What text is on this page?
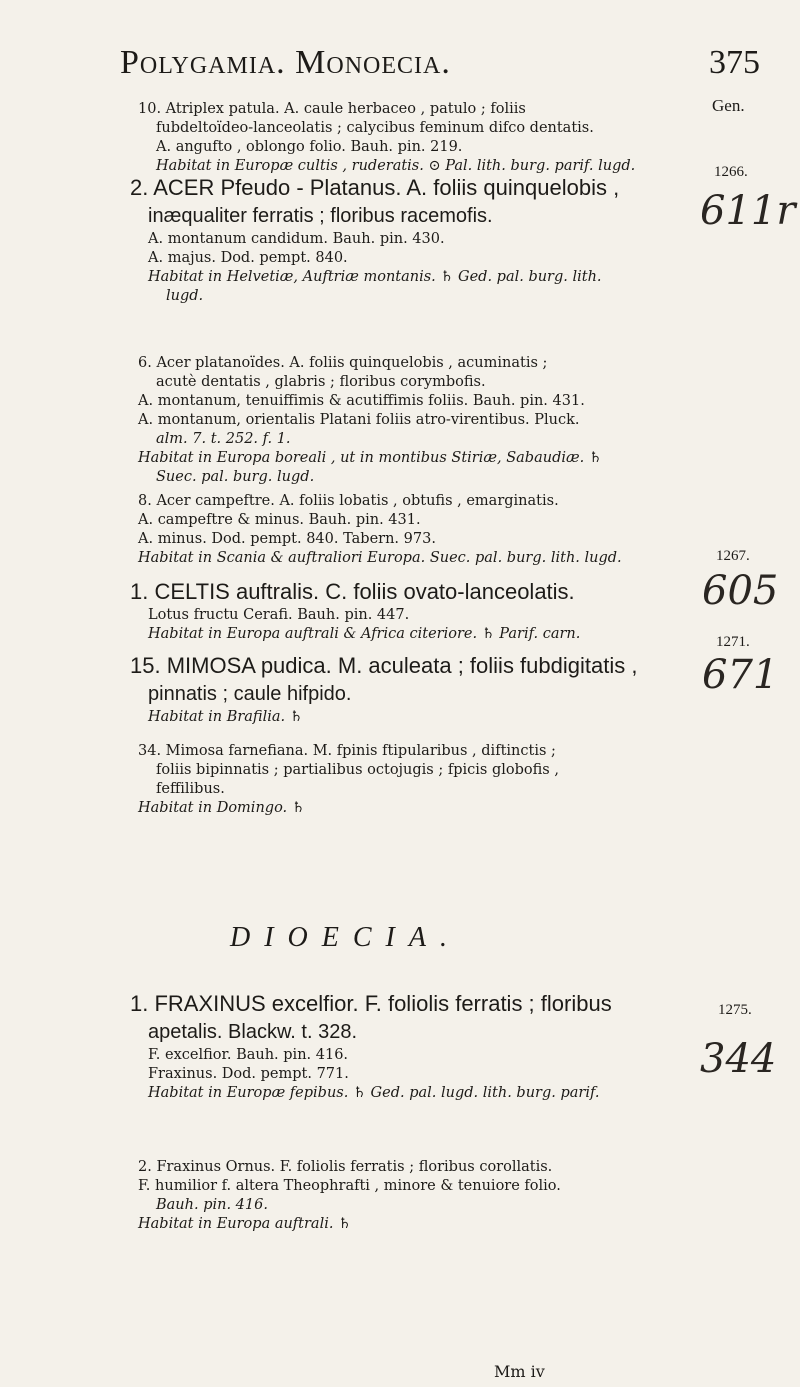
Polygamia. Monoecia.	375
Gen.
1266.
611r
1267.
605
1271.
671
1275.
344

10. Atriplex patula. A. caule herbaceo , patulo ; foliis

fubdeltoïdeo-lanceolatis ; calycibus feminum difco dentatis.

A. angufto , oblongo folio. Bauh. pin. 219.

Habitat in Europæ cultis , ruderatis. ⊙ Pal. lith. burg. parif. lugd.

2. ACER Pfeudo - Platanus. A. foliis quinquelobis ,

inæqualiter ferratis ; floribus racemofis.

A. montanum candidum. Bauh. pin. 430.

A. majus. Dod. pempt. 840.

Habitat in Helvetiæ, Auftriæ montanis. ♄ Ged. pal. burg. lith.

lugd.

6. Acer platanoïdes. A. foliis quinquelobis , acuminatis ;

acutè dentatis , glabris ; floribus corymbofis.

A. montanum, tenuiffimis & acutiffimis foliis. Bauh. pin. 431.

A. montanum, orientalis Platani foliis atro-virentibus. Pluck.

alm. 7. t. 252. f. 1.

Habitat in Europa boreali , ut in montibus Stiriæ, Sabaudiæ. ♄

Suec. pal. burg. lugd.

8. Acer campeftre. A. foliis lobatis , obtufis , emarginatis.

A. campeftre & minus. Bauh. pin. 431.

A. minus. Dod. pempt. 840. Tabern. 973.

Habitat in Scania & auftraliori Europa. Suec. pal. burg. lith. lugd.

1. CELTIS auftralis. C. foliis ovato-lanceolatis.

Lotus fructu Cerafi. Bauh. pin. 447.

Habitat in Europa auftrali & Africa citeriore. ♄ Parif. carn.

15. MIMOSA pudica. M. aculeata ; foliis fubdigitatis ,

pinnatis ; caule hifpido.

Habitat in Brafilia. ♄

34. Mimosa farnefiana. M. fpinis ftipularibus , diftinctis ;

foliis bipinnatis ; partialibus octojugis ; fpicis globofis ,

feffilibus.

Habitat in Domingo. ♄

DIOECIA.

1. FRAXINUS excelfior. F. foliolis ferratis ; floribus

apetalis. Blackw. t. 328.

F. excelfior. Bauh. pin. 416.

Fraxinus. Dod. pempt. 771.

Habitat in Europæ fepibus. ♄ Ged. pal. lugd. lith. burg. parif.

2. Fraxinus Ornus. F. foliolis ferratis ; floribus corollatis.

F. humilior f. altera Theophrafti , minore & tenuiore folio.

Bauh. pin. 416.

Habitat in Europa auftrali. ♄

Mm iv
